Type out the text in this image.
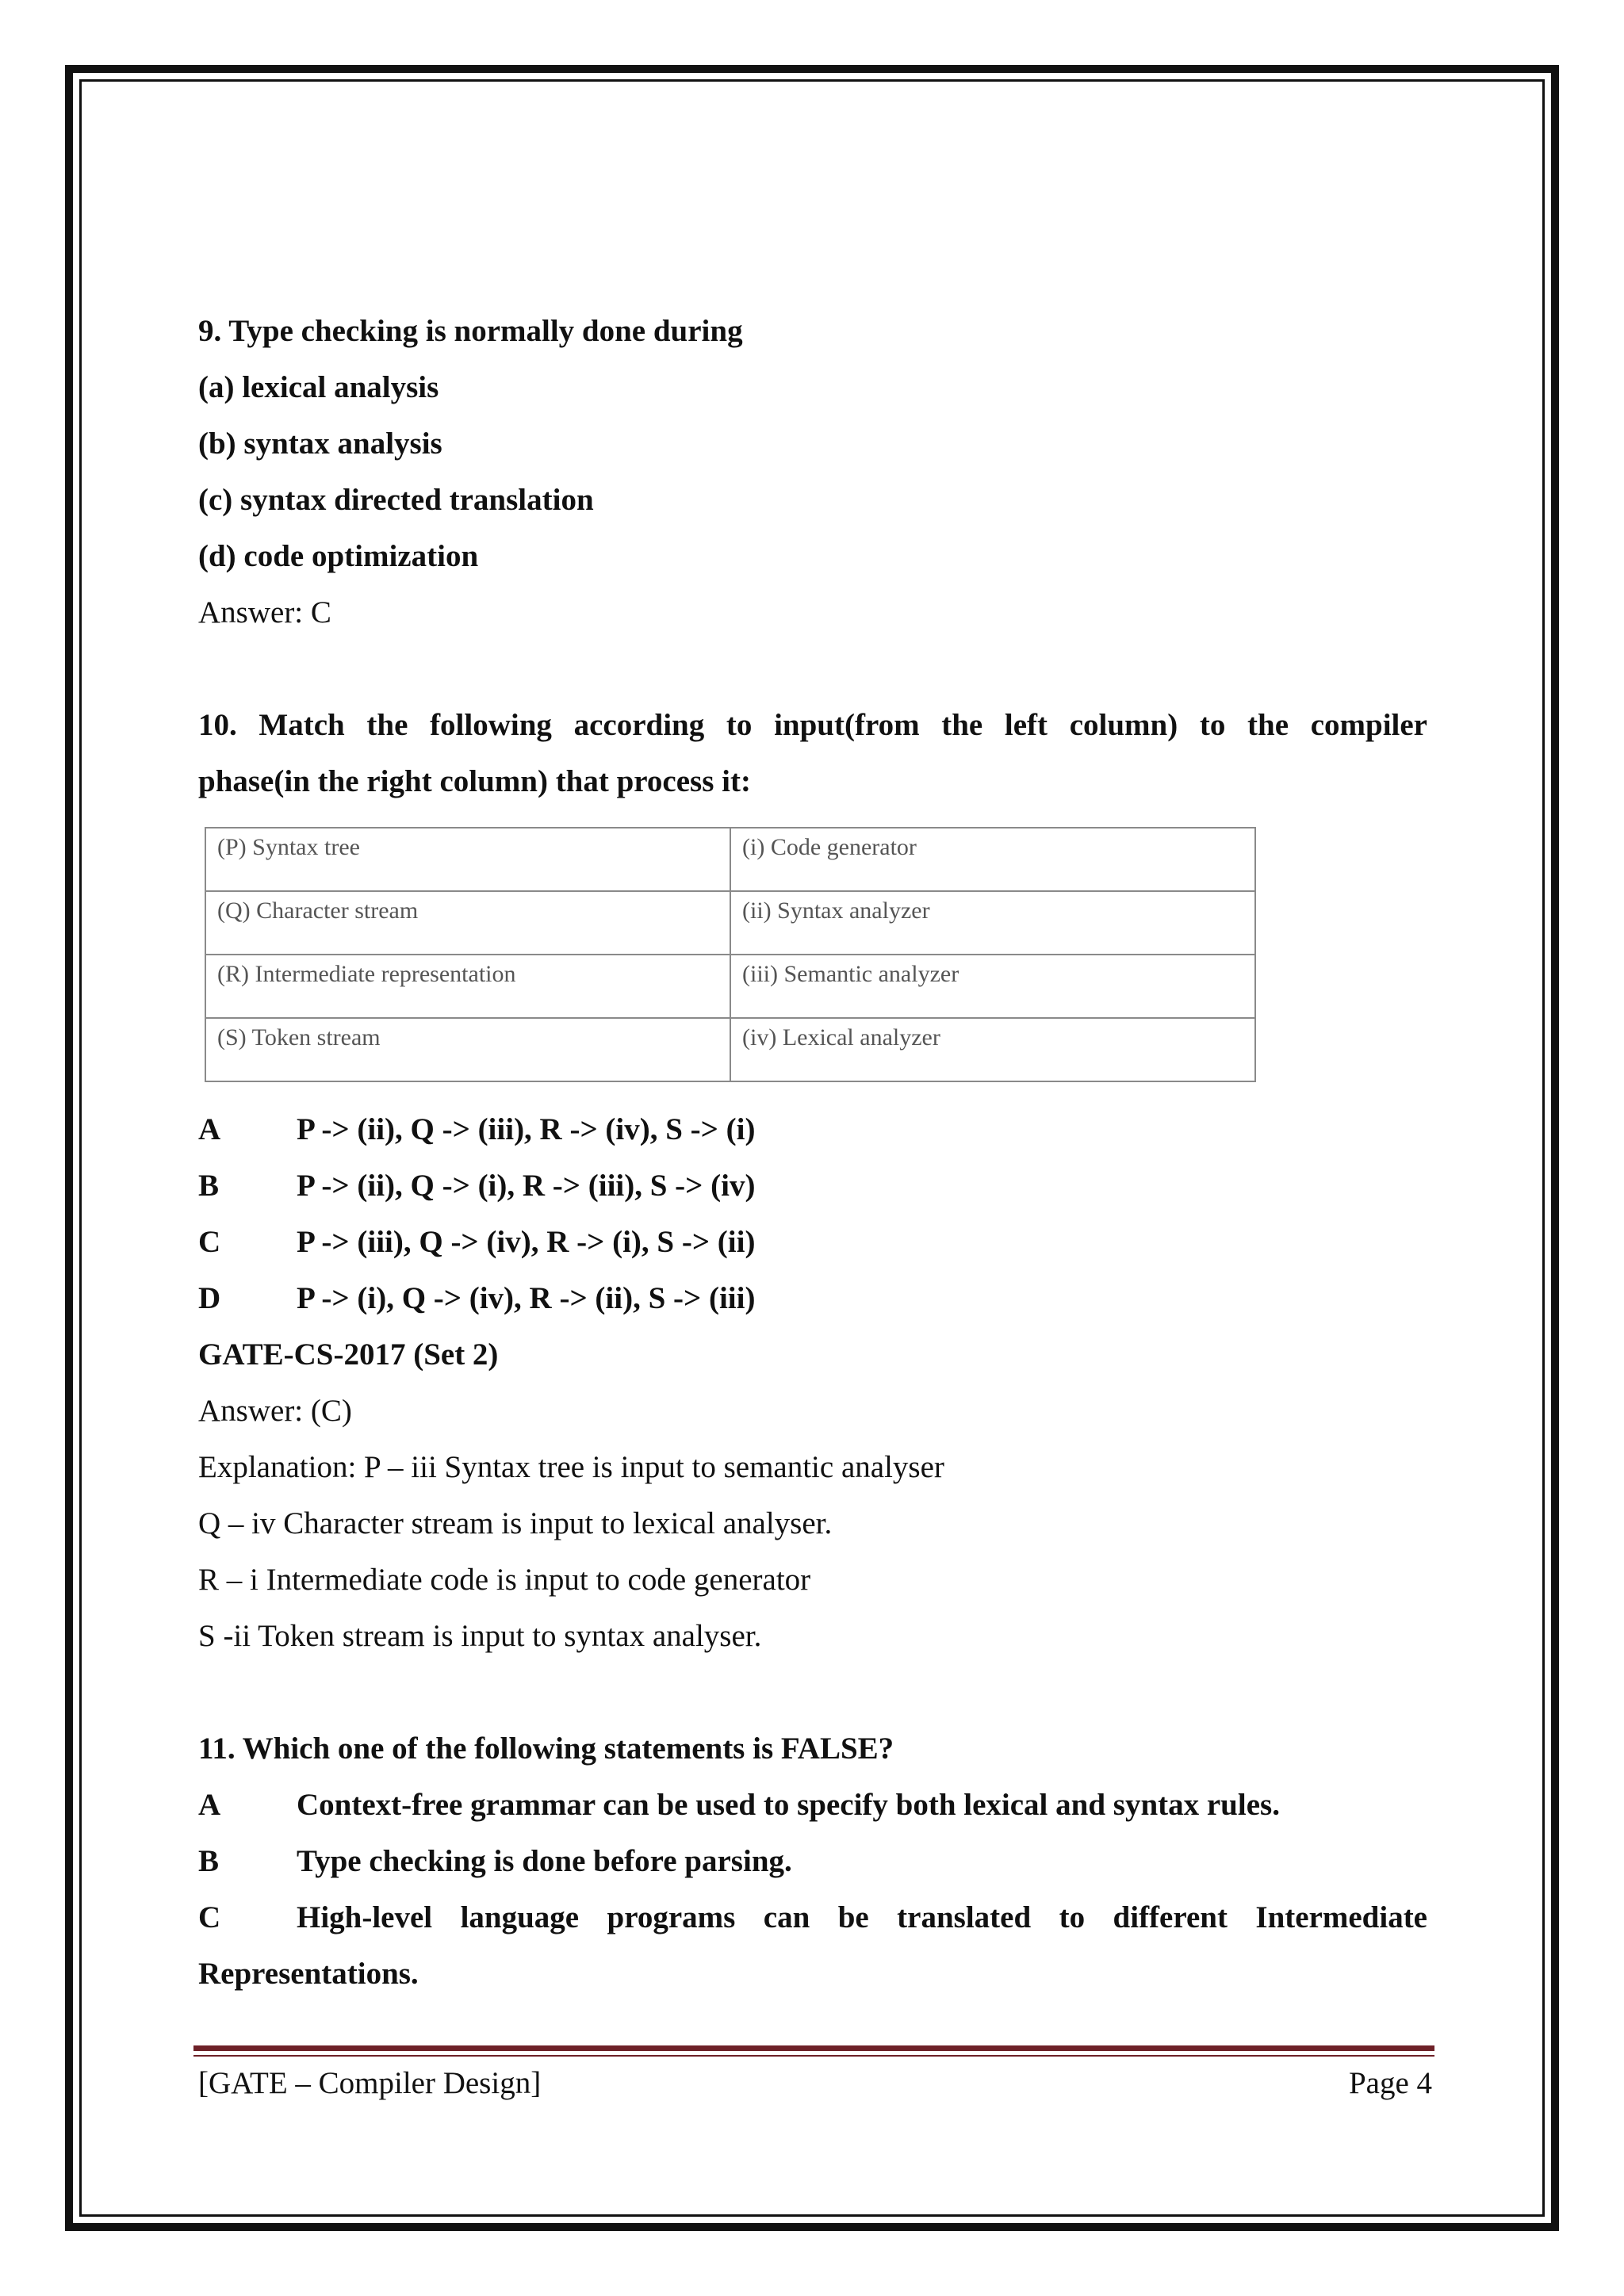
9. Type checking is normally done during

(a) lexical analysis

(b) syntax analysis

(c) syntax directed translation

(d) code optimization

Answer: C

10. Match the following according to input(from the left column) to the compiler

phase(in the right column) that process it:

(P) Syntax tree	(i) Code generator
(Q) Character stream	(ii) Syntax analyzer
(R) Intermediate representation	(iii) Semantic analyzer
(S) Token stream	(iv) Lexical analyzer
A	P -> (ii), Q -> (iii), R -> (iv), S -> (i)
B	P -> (ii), Q -> (i), R -> (iii), S -> (iv)
C	P -> (iii), Q -> (iv), R -> (i), S -> (ii)
D	P -> (i), Q -> (iv), R -> (ii), S -> (iii)

GATE-CS-2017 (Set 2)

Answer: (C)

Explanation: P – iii Syntax tree is input to semantic analyser

Q – iv Character stream is input to lexical analyser.

R – i Intermediate code is input to code generator

S -ii Token stream is input to syntax analyser.

11. Which one of the following statements is FALSE?

A	Context-free grammar can be used to specify both lexical and syntax rules.
B	Type checking is done before parsing.
C	High-level language programs can be translated to different Intermediate

Representations.

[GATE – Compiler Design]	Page 4
